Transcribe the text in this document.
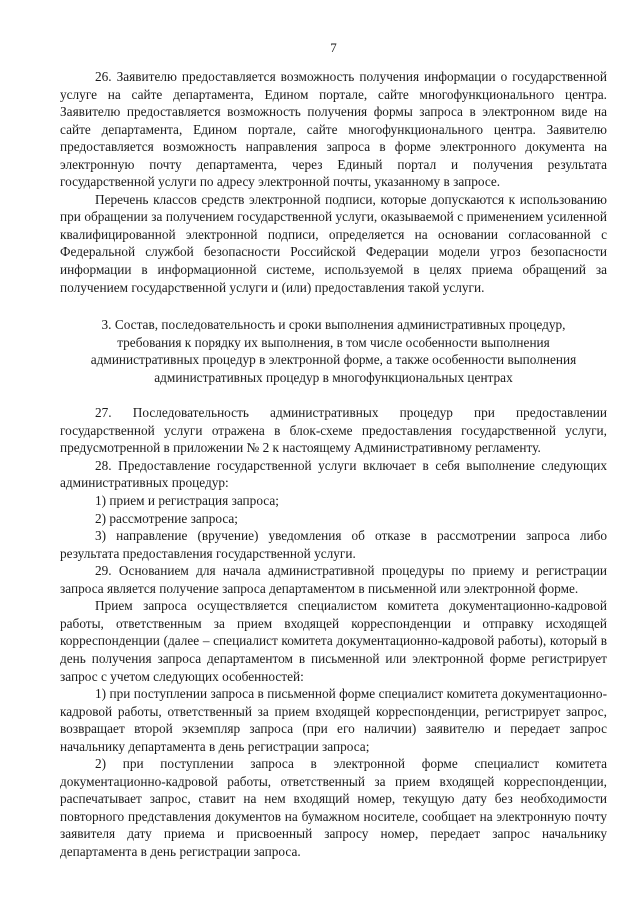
7

26. Заявителю предоставляется возможность получения информации о государственной услуге на сайте департамента, Едином портале, сайте многофункционального центра. Заявителю предоставляется возможность получения формы запроса в электронном виде на сайте департамента, Едином портале, сайте многофункционального центра. Заявителю предоставляется возможность направления запроса в форме электронного документа на электронную почту департамента, через Единый портал и получения результата государственной услуги по адресу электронной почты, указанному в запросе.

Перечень классов средств электронной подписи, которые допускаются к использованию при обращении за получением государственной услуги, оказываемой с применением усиленной квалифицированной электронной подписи, определяется на основании согласованной с Федеральной службой безопасности Российской Федерации модели угроз безопасности информации в информационной системе, используемой в целях приема обращений за получением государственной услуги и (или) предоставления такой услуги.

3. Состав, последовательность и сроки выполнения административных процедур, требования к порядку их выполнения, в том числе особенности выполнения административных процедур в электронной форме, а также особенности выполнения административных процедур в многофункциональных центрах

27. Последовательность административных процедур при предоставлении государственной услуги отражена в блок-схеме предоставления государственной услуги, предусмотренной в приложении № 2 к настоящему Административному регламенту.

28. Предоставление государственной услуги включает в себя выполнение следующих административных процедур:

1) прием и регистрация запроса;

2) рассмотрение запроса;

3) направление (вручение) уведомления об отказе в рассмотрении запроса либо результата предоставления государственной услуги.

29. Основанием для начала административной процедуры по приему и регистрации запроса является получение запроса департаментом в письменной или электронной форме.

Прием запроса осуществляется специалистом комитета документационно-кадровой работы, ответственным за прием входящей корреспонденции и отправку исходящей корреспонденции (далее – специалист комитета документационно-кадровой работы), который в день получения запроса департаментом в письменной или электронной форме регистрирует запрос с учетом следующих особенностей:

1) при поступлении запроса в письменной форме специалист комитета документационно-кадровой работы, ответственный за прием входящей корреспонденции, регистрирует запрос, возвращает второй экземпляр запроса (при его наличии) заявителю и передает запрос начальнику департамента в день регистрации запроса;

2) при поступлении запроса в электронной форме специалист комитета документационно-кадровой работы, ответственный за прием входящей корреспонденции, распечатывает запрос, ставит на нем входящий номер, текущую дату без необходимости повторного представления документов на бумажном носителе, сообщает на электронную почту заявителя дату приема и присвоенный запросу номер, передает запрос начальнику департамента в день регистрации запроса.
